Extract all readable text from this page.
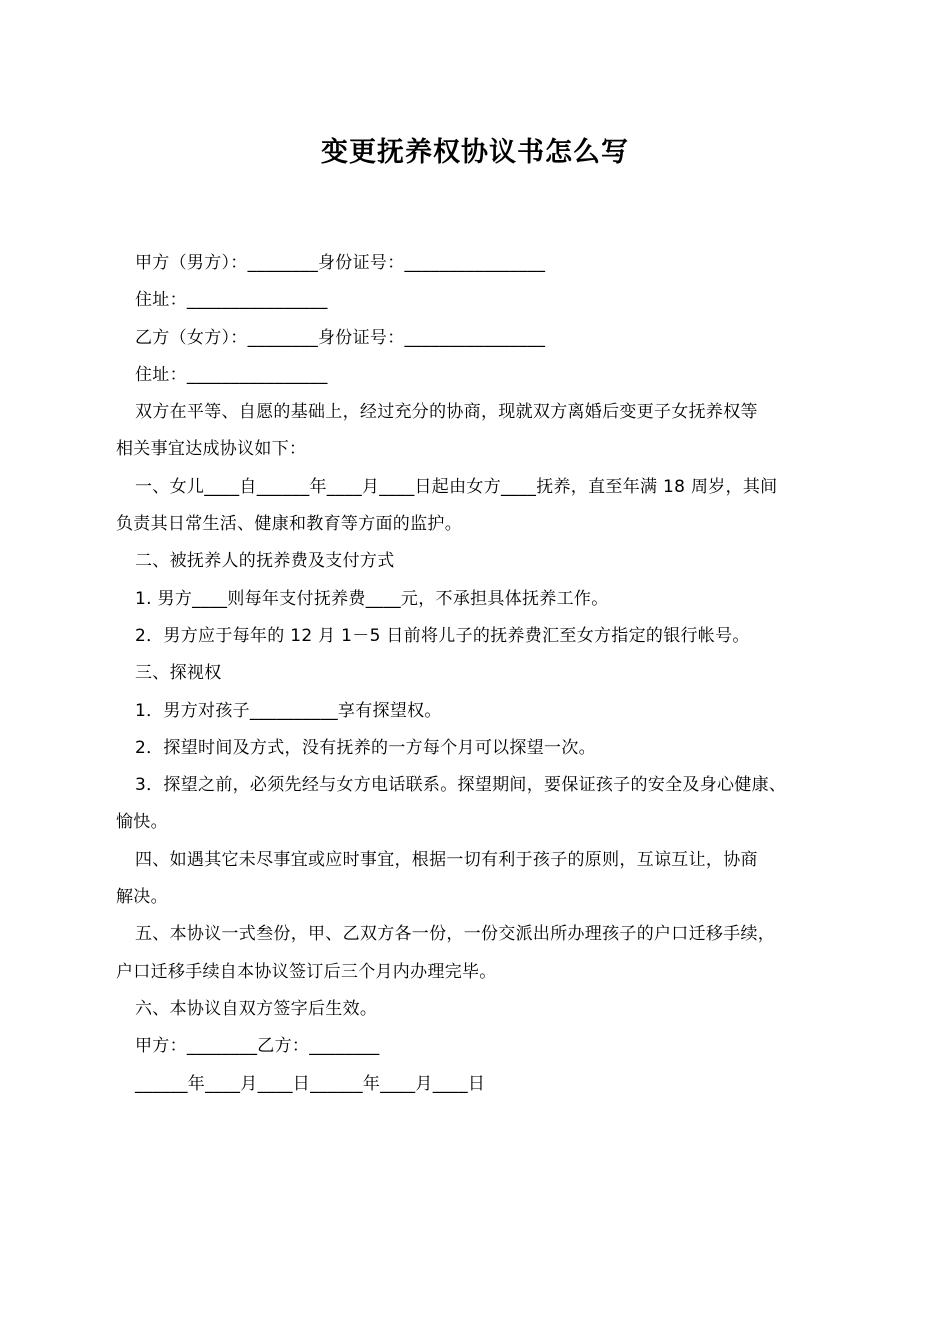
变更抚养权协议书怎么写
甲方（男方）：________身份证号：________________
住址：________________
乙方（女方）：________身份证号：________________
住址：________________
双方在平等、自愿的基础上，经过充分的协商，现就双方离婚后变更子女抚养权等
相关事宜达成协议如下：
一、女儿____自______年____月____日起由女方____抚养，直至年满 18 周岁，其间
负责其日常生活、健康和教育等方面的监护。
二、被抚养人的抚养费及支付方式
1. 男方____则每年支付抚养费____元，不承担具体抚养工作。
2．男方应于每年的 12 月 1－5 日前将儿子的抚养费汇至女方指定的银行帐号。
三、探视权
1．男方对孩子__________享有探望权。
2．探望时间及方式，没有抚养的一方每个月可以探望一次。
3．探望之前，必须先经与女方电话联系。探望期间，要保证孩子的安全及身心健康、
愉快。
四、如遇其它未尽事宜或应时事宜，根据一切有利于孩子的原则，互谅互让，协商
解决。
五、本协议一式叁份，甲、乙双方各一份，一份交派出所办理孩子的户口迁移手续，
户口迁移手续自本协议签订后三个月内办理完毕。
六、本协议自双方签字后生效。
甲方：________乙方：________
______年____月____日______年____月____日
